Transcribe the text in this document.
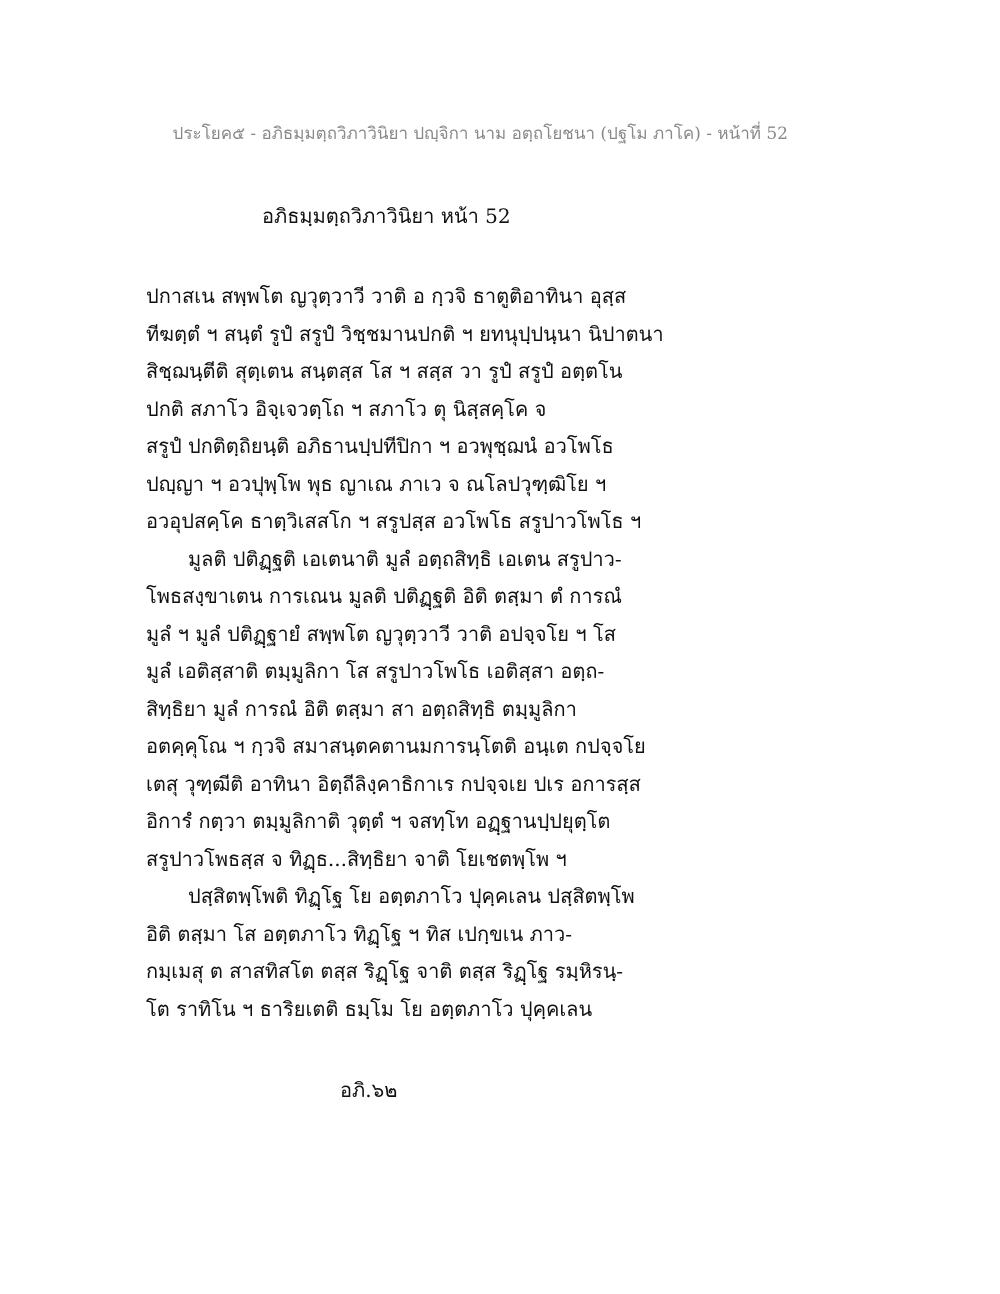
ประโยค๕ - อภิธมฺมตฺถวิภาวินิยา ปญฺจิกา นาม อตฺถโยชนา (ปฐโม ภาโค) - หน้าที่ 52
อภิธมฺมตฺถวิภาวินิยา หน้า 52
ปกาสเน สพฺพโต ญวุตฺวาวี วาติ อ กฺวจิ ธาตูติอาทินา อุสฺส
ทีฆตฺตํ ฯ สนฺตํ รูปํ สรูปํ วิชฺชมานปกติ ฯ ยทนุปฺปนฺนา นิปาตนา
สิชฺฌนฺตีติ สุตฺเตน สนฺตสฺส โส ฯ สสฺส วา รูปํ สรูปํ อตฺตโน
ปกติ สภาโว อิจฺเจวตฺโถ ฯ สภาโว ตุ นิสฺสคฺโค จ
สรูปํ ปกติตฺถิยนฺติ อภิธานปฺปทีปิกา ฯ อวพุชฺฌนํ อวโพโธ
ปญฺญา ฯ อวปุพฺโพ พุธ ญาเณ ภาเว จ ณโลปวุฑฺฒิโย ฯ
อวอุปสคฺโค ธาตฺวิเสสโก ฯ สรูปสฺส อวโพโธ สรูปาวโพโธ ฯ
มูลติ ปติฏฺฐติ เอเตนาติ มูลํ อตฺถสิทฺธิ เอเตน สรูปาว-
โพธสงฺขาเตน การเณน มูลติ ปติฏฺฐติ อิติ ตสฺมา ตํ การณํ
มูลํ ฯ มูลํ ปติฏฺฐายํ สพฺพโต ญวุตฺวาวี วาติ อปจฺจโย ฯ โส
มูลํ เอติสฺสาติ ตมฺมูลิกา โส สรูปาวโพโธ เอติสฺสา อตฺถ-
สิทฺธิยา มูลํ การณํ อิติ ตสฺมา สา อตฺถสิทฺธิ ตมฺมูลิกา
อตคฺคุโณ ฯ กฺวจิ สมาสนฺตคตานมการนฺโตติ อนฺเต กปจฺจโย
เตสุ วุฑฺฒีติ อาทินา อิตฺถีลิงฺคาธิกาเร กปจฺจเย ปเร อการสฺส
อิการํ กตฺวา ตมฺมูลิกาติ วุตฺตํ ฯ จสทฺโท อฏฺฐานปฺปยุตฺโต
สรูปาวโพธสฺส จ ทิฏฺธ...สิทฺธิยา จาติ โยเชตพฺโพ ฯ
ปสฺสิตพฺโพติ ทิฏฺโฐ โย อตฺตภาโว ปุคฺคเลน ปสฺสิตพฺโพ
อิติ ตสฺมา โส อตฺตภาโว ทิฏฺโฐ ฯ ทิส เปกฺขเน ภาว-
กมฺเมสุ ต สาสทิสโต ตสฺส ริฏฺโฐ จาติ ตสฺส ริฏฺโฐ รมฺหิรนฺ-
โต ราทิโน ฯ ธาริยเตติ ธมฺโม โย อตฺตภาโว ปุคฺคเลน
อภิ.๖๒
